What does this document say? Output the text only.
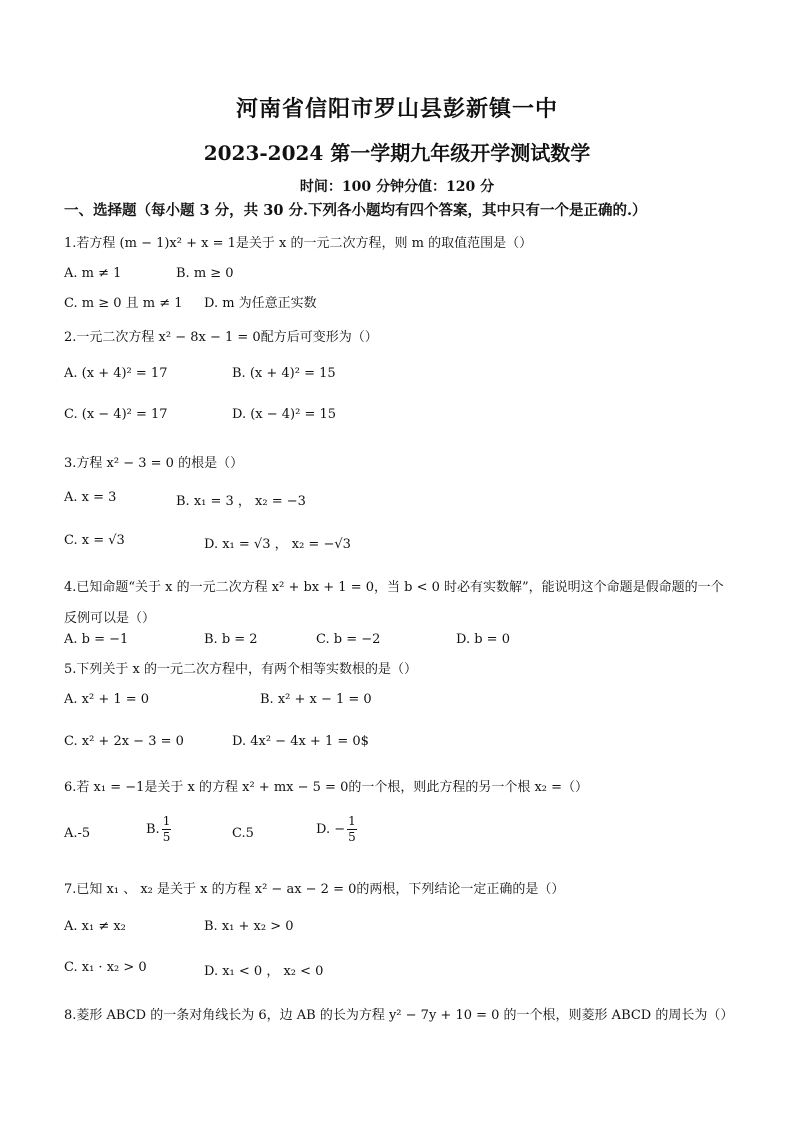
河南省信阳市罗山县彭新镇一中
2023-2024 第一学期九年级开学测试数学
时间：100 分钟分值：120 分
一、选择题（每小题 3 分，共 30 分.下列各小题均有四个答案，其中只有一个是正确的.）
1.若方程 (m − 1)x² + x = 1是关于 x 的一元二次方程，则 m 的取值范围是（）
A. m ≠ 1	B. m ≥ 0
C. m ≥ 0 且 m ≠ 1 D. m 为任意正实数
2.一元二次方程 x² − 8x − 1 = 0配方后可变形为（）
A. (x + 4)² = 17	B. (x + 4)² = 15
C. (x − 4)² = 17	D. (x − 4)² = 15
3.方程 x² − 3 = 0 的根是（）
A. x = 3	B. x₁ = 3 ， x₂ = −3
C. x = √3	D. x₁ = √3 ， x₂ = −√3
4.已知命题“关于 x 的一元二次方程 x² + bx + 1 = 0，当 b < 0 时必有实数解”，能说明这个命题是假命题的一个
反例可以是（）
A. b = −1	B. b = 2	C. b = −2	D. b = 0
5.下列关于 x 的一元二次方程中，有两个相等实数根的是（）
A. x² + 1 = 0	B. x² + x − 1 = 0
C. x² + 2x − 3 = 0	D. 4x² − 4x + 1 = 0$
6.若 x₁ = −1是关于 x 的方程 x² + mx − 5 = 0的一个根，则此方程的另一个根 x₂ =（）
A.-5	B. $\frac{1}{5}$	C.5	D. − $\frac{1}{5}$
7.已知 x₁ 、 x₂ 是关于 x 的方程 x² − ax − 2 = 0的两根，下列结论一定正确的是（）
A. x₁ ≠ x₂	B. x₁ + x₂ > 0
C. x₁ · x₂ > 0	D. x₁ < 0 ， x₂ < 0
8.菱形 ABCD 的一条对角线长为 6，边 AB 的长为方程 y² − 7y + 10 = 0 的一个根，则菱形 ABCD 的周长为（）
